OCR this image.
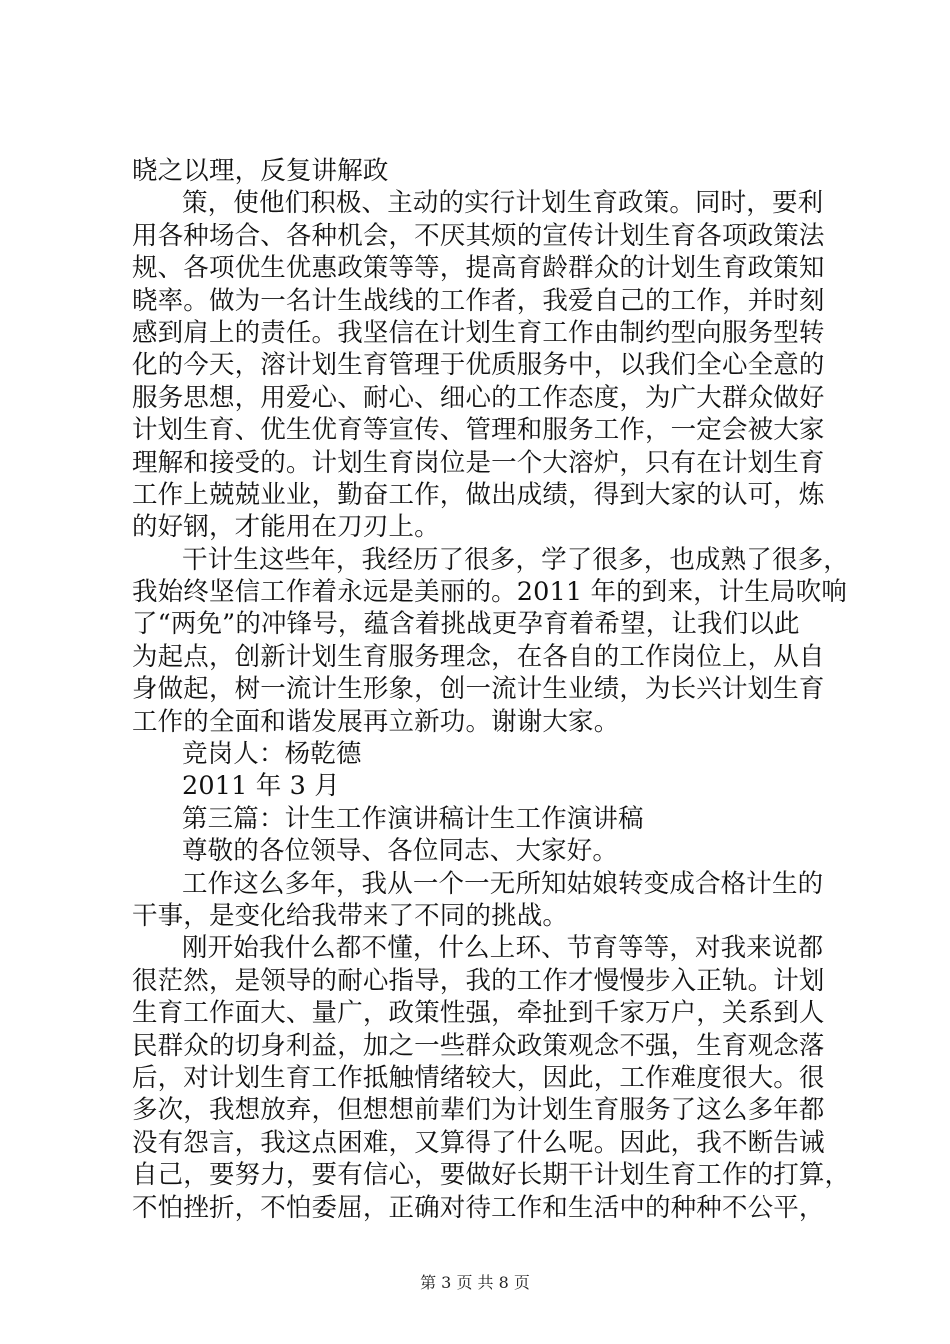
晓之以理，反复讲解政
策，使他们积极、主动的实行计划生育政策。同时，要利
用各种场合、各种机会，不厌其烦的宣传计划生育各项政策法
规、各项优生优惠政策等等，提高育龄群众的计划生育政策知
晓率。做为一名计生战线的工作者，我爱自己的工作，并时刻
感到肩上的责任。我坚信在计划生育工作由制约型向服务型转
化的今天，溶计划生育管理于优质服务中，以我们全心全意的
服务思想，用爱心、耐心、细心的工作态度，为广大群众做好
计划生育、优生优育等宣传、管理和服务工作，一定会被大家
理解和接受的。计划生育岗位是一个大溶炉，只有在计划生育
工作上兢兢业业，勤奋工作，做出成绩，得到大家的认可，炼
的好钢，才能用在刀刃上。
干计生这些年，我经历了很多，学了很多，也成熟了很多，
我始终坚信工作着永远是美丽的。2011 年的到来，计生局吹响
了“两免”的冲锋号，蕴含着挑战更孕育着希望，让我们以此
为起点，创新计划生育服务理念，在各自的工作岗位上，从自
身做起，树一流计生形象，创一流计生业绩，为长兴计划生育
工作的全面和谐发展再立新功。谢谢大家。
竞岗人：杨乾德
2011 年 3 月
第三篇：计生工作演讲稿计生工作演讲稿
尊敬的各位领导、各位同志、大家好。
工作这么多年，我从一个一无所知姑娘转变成合格计生的
干事，是变化给我带来了不同的挑战。
刚开始我什么都不懂，什么上环、节育等等，对我来说都
很茫然，是领导的耐心指导，我的工作才慢慢步入正轨。计划
生育工作面大、量广，政策性强，牵扯到千家万户，关系到人
民群众的切身利益，加之一些群众政策观念不强，生育观念落
后，对计划生育工作抵触情绪较大，因此，工作难度很大。很
多次，我想放弃，但想想前辈们为计划生育服务了这么多年都
没有怨言，我这点困难，又算得了什么呢。因此，我不断告诫
自己，要努力，要有信心，要做好长期干计划生育工作的打算，
不怕挫折，不怕委屈，正确对待工作和生活中的种种不公平，
第 3 页 共 8 页
